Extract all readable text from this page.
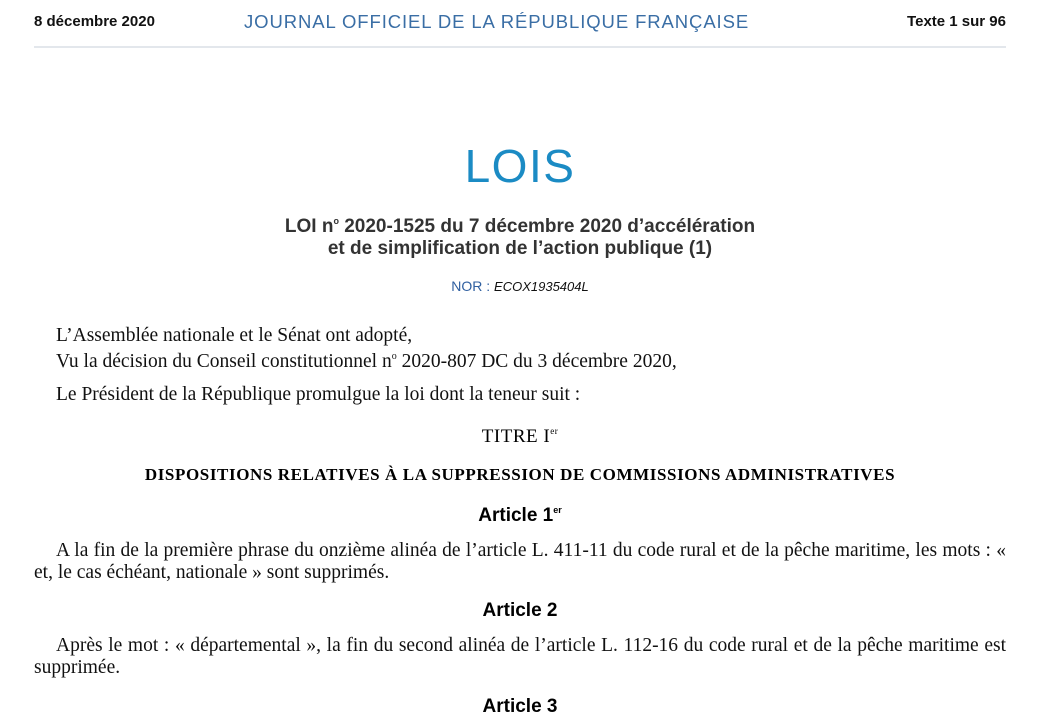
8 décembre 2020	JOURNAL OFFICIEL DE LA RÉPUBLIQUE FRANÇAISE	Texte 1 sur 96
LOIS
LOI $n^o$ 2020-1525 du 7 décembre 2020 d’accélération
et de simplification de l’action publique (1)
NOR : ECOX1935404L
L’Assemblée nationale et le Sénat ont adopté,
Vu la décision du Conseil constitutionnel $n^o$ 2020-807 DC du 3 décembre 2020,
Le Président de la République promulgue la loi dont la teneur suit :
TITRE Ier
DISPOSITIONS RELATIVES À LA SUPPRESSION DE COMMISSIONS ADMINISTRATIVES
Article 1er
A la fin de la première phrase du onzième alinéa de l’article L. 411-11 du code rural et de la pêche maritime, les mots : « et, le cas échéant, nationale » sont supprimés.
Article 2
Après le mot : « départemental », la fin du second alinéa de l’article L. 112-16 du code rural et de la pêche maritime est supprimée.
Article 3
